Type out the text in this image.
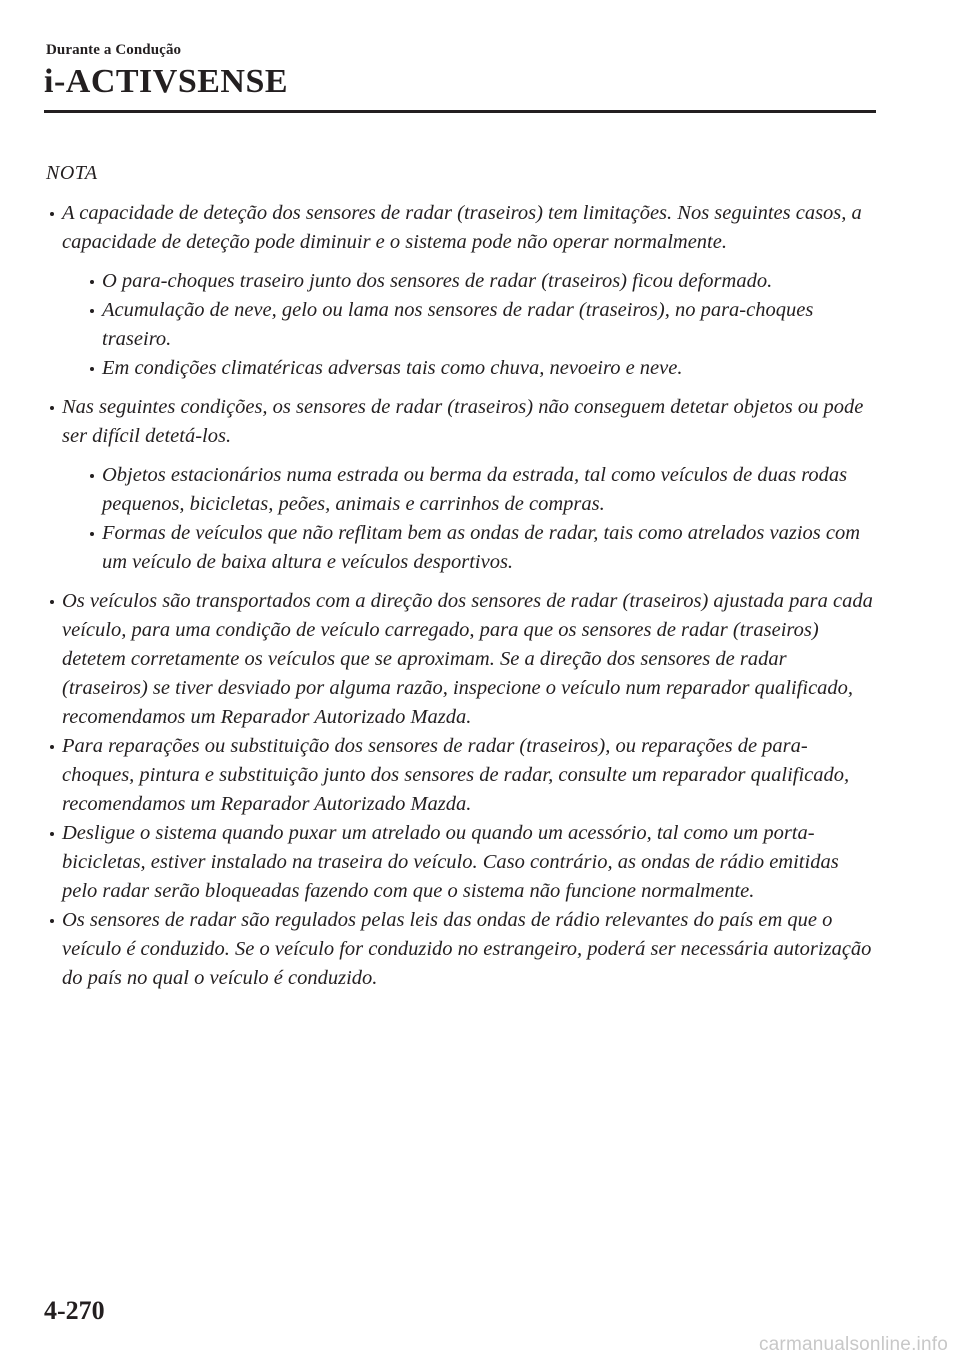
Durante a Condução
i-ACTIVSENSE
NOTA
A capacidade de deteção dos sensores de radar (traseiros) tem limitações. Nos seguintes casos, a capacidade de deteção pode diminuir e o sistema pode não operar normalmente.
O para-choques traseiro junto dos sensores de radar (traseiros) ficou deformado.
Acumulação de neve, gelo ou lama nos sensores de radar (traseiros), no para-choques traseiro.
Em condições climatéricas adversas tais como chuva, nevoeiro e neve.
Nas seguintes condições, os sensores de radar (traseiros) não conseguem detetar objetos ou pode ser difícil detetá-los.
Objetos estacionários numa estrada ou berma da estrada, tal como veículos de duas rodas pequenos, bicicletas, peões, animais e carrinhos de compras.
Formas de veículos que não reflitam bem as ondas de radar, tais como atrelados vazios com um veículo de baixa altura e veículos desportivos.
Os veículos são transportados com a direção dos sensores de radar (traseiros) ajustada para cada veículo, para uma condição de veículo carregado, para que os sensores de radar (traseiros) detetem corretamente os veículos que se aproximam. Se a direção dos sensores de radar (traseiros) se tiver desviado por alguma razão, inspecione o veículo num reparador qualificado, recomendamos um Reparador Autorizado Mazda.
Para reparações ou substituição dos sensores de radar (traseiros), ou reparações de para-choques, pintura e substituição junto dos sensores de radar, consulte um reparador qualificado, recomendamos um Reparador Autorizado Mazda.
Desligue o sistema quando puxar um atrelado ou quando um acessório, tal como um porta-bicicletas, estiver instalado na traseira do veículo. Caso contrário, as ondas de rádio emitidas pelo radar serão bloqueadas fazendo com que o sistema não funcione normalmente.
Os sensores de radar são regulados pelas leis das ondas de rádio relevantes do país em que o veículo é conduzido. Se o veículo for conduzido no estrangeiro, poderá ser necessária autorização do país no qual o veículo é conduzido.
4-270
carmanualsonline.info
